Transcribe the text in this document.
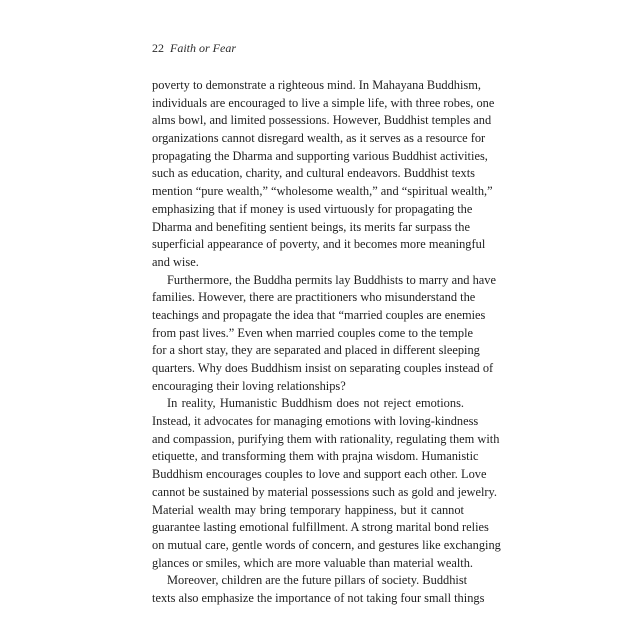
22 Faith or Fear
poverty to demonstrate a righteous mind. In Mahayana Buddhism,
individuals are encouraged to live a simple life, with three robes, one
alms bowl, and limited possessions. However, Buddhist temples and
organizations cannot disregard wealth, as it serves as a resource for
propagating the Dharma and supporting various Buddhist activities,
such as education, charity, and cultural endeavors. Buddhist texts
mention “pure wealth,” “wholesome wealth,” and “spiritual wealth,”
emphasizing that if money is used virtuously for propagating the
Dharma and benefiting sentient beings, its merits far surpass the
superficial appearance of poverty, and it becomes more meaningful
and wise.
Furthermore, the Buddha permits lay Buddhists to marry and have
families. However, there are practitioners who misunderstand the
teachings and propagate the idea that “married couples are enemies
from past lives.” Even when married couples come to the temple
for a short stay, they are separated and placed in different sleeping
quarters. Why does Buddhism insist on separating couples instead of
encouraging their loving relationships?
In reality, Humanistic Buddhism does not reject emotions.
Instead, it advocates for managing emotions with loving-kindness
and compassion, purifying them with rationality, regulating them with
etiquette, and transforming them with prajna wisdom. Humanistic
Buddhism encourages couples to love and support each other. Love
cannot be sustained by material possessions such as gold and jewelry.
Material wealth may bring temporary happiness, but it cannot
guarantee lasting emotional fulfillment. A strong marital bond relies
on mutual care, gentle words of concern, and gestures like exchanging
glances or smiles, which are more valuable than material wealth.
Moreover, children are the future pillars of society. Buddhist
texts also emphasize the importance of not taking four small things
